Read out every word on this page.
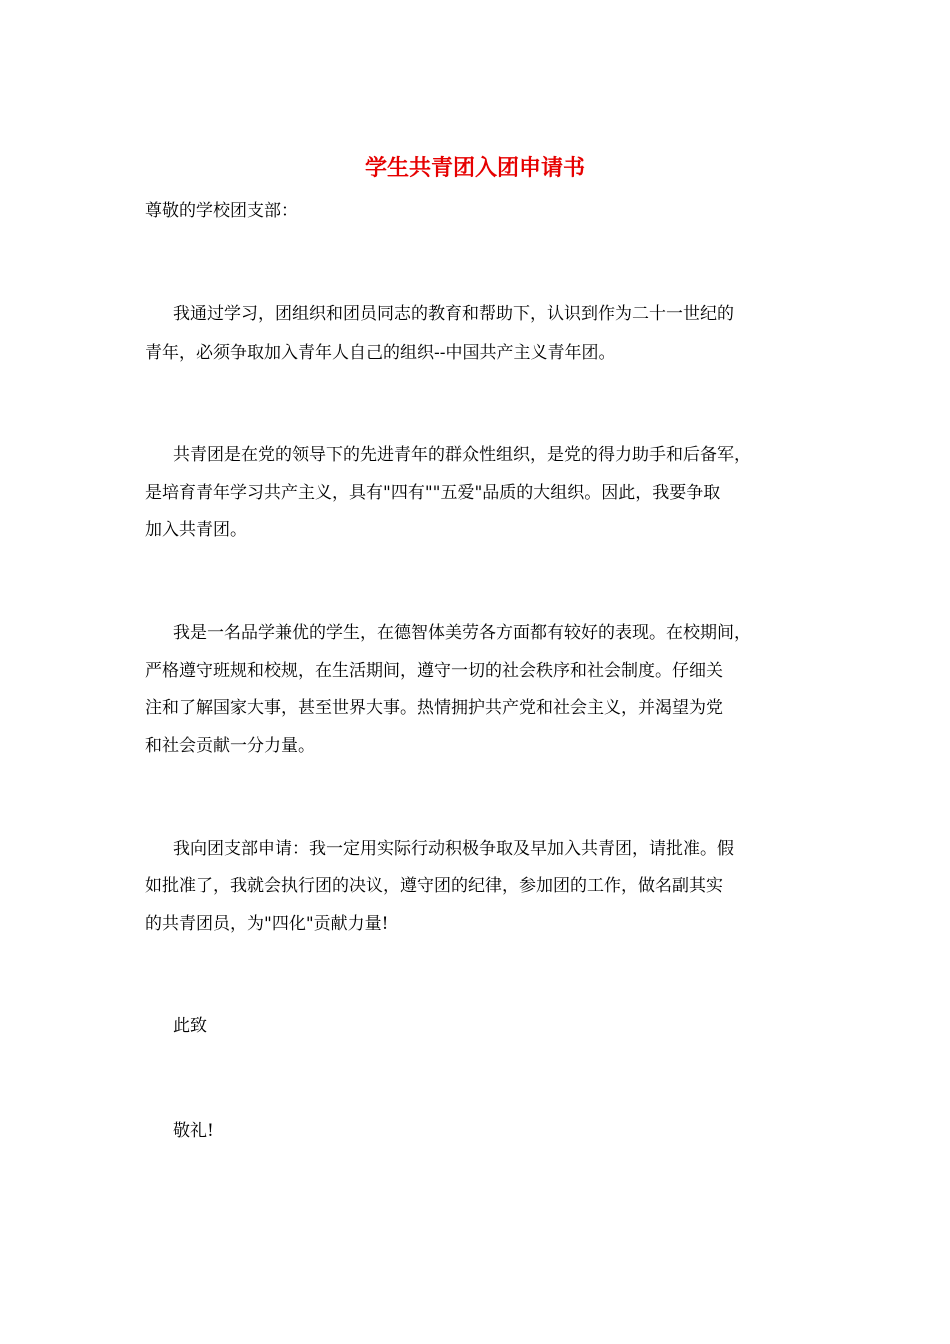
学生共青团入团申请书
尊敬的学校团支部：
我通过学习，团组织和团员同志的教育和帮助下，认识到作为二十一世纪的
青年，必须争取加入青年人自己的组织--中国共产主义青年团。
共青团是在党的领导下的先进青年的群众性组织，是党的得力助手和后备军，
是培育青年学习共产主义，具有"四有""五爱"品质的大组织。因此，我要争取
加入共青团。
我是一名品学兼优的学生，在德智体美劳各方面都有较好的表现。在校期间，
严格遵守班规和校规，在生活期间，遵守一切的社会秩序和社会制度。仔细关
注和了解国家大事，甚至世界大事。热情拥护共产党和社会主义，并渴望为党
和社会贡献一分力量。
我向团支部申请：我一定用实际行动积极争取及早加入共青团，请批准。假
如批准了，我就会执行团的决议，遵守团的纪律，参加团的工作，做名副其实
的共青团员，为"四化"贡献力量!
此致
敬礼!
